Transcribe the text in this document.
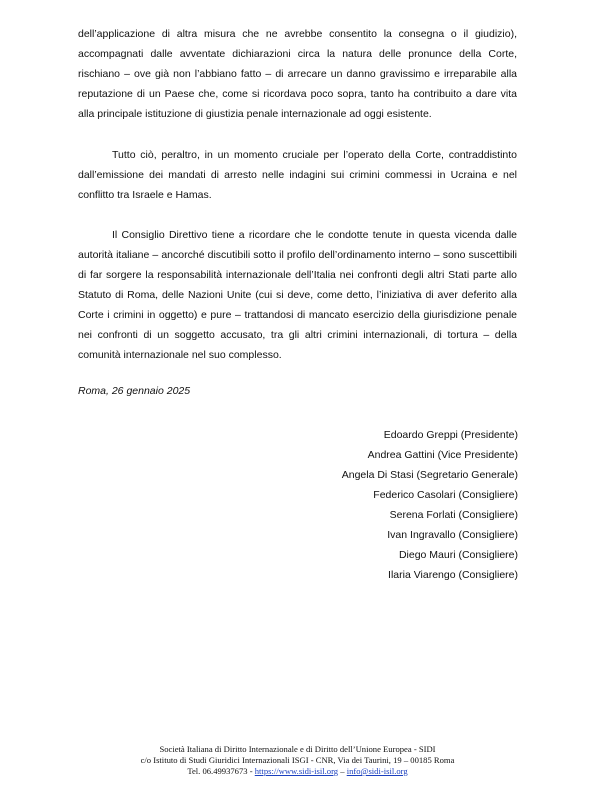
dell’applicazione di altra misura che ne avrebbe consentito la consegna o il giudizio), accompagnati dalle avventate dichiarazioni circa la natura delle pronunce della Corte, rischiano – ove già non l’abbiano fatto – di arrecare un danno gravissimo e irreparabile alla reputazione di un Paese che, come si ricordava poco sopra, tanto ha contribuito a dare vita alla principale istituzione di giustizia penale internazionale ad oggi esistente.

Tutto ciò, peraltro, in un momento cruciale per l’operato della Corte, contraddistinto dall’emissione dei mandati di arresto nelle indagini sui crimini commessi in Ucraina e nel conflitto tra Israele e Hamas.

Il Consiglio Direttivo tiene a ricordare che le condotte tenute in questa vicenda dalle autorità italiane – ancorché discutibili sotto il profilo dell’ordinamento interno – sono suscettibili di far sorgere la responsabilità internazionale dell’Italia nei confronti degli altri Stati parte allo Statuto di Roma, delle Nazioni Unite (cui si deve, come detto, l’iniziativa di aver deferito alla Corte i crimini in oggetto) e pure – trattandosi di mancato esercizio della giurisdizione penale nei confronti di un soggetto accusato, tra gli altri crimini internazionali, di tortura – della comunità internazionale nel suo complesso.

Roma, 26 gennaio 2025
Edoardo Greppi (Presidente)
Andrea Gattini (Vice Presidente)
Angela Di Stasi (Segretario Generale)
Federico Casolari (Consigliere)
Serena Forlati (Consigliere)
Ivan Ingravallo (Consigliere)
Diego Mauri (Consigliere)
Ilaria Viarengo (Consigliere)
Società Italiana di Diritto Internazionale e di Diritto dell’Unione Europea - SIDI
c/o Istituto di Studi Giuridici Internazionali ISGI - CNR, Via dei Taurini, 19 – 00185 Roma
Tel. 06.49937673 - https://www.sidi-isil.org – info@sidi-isil.org
